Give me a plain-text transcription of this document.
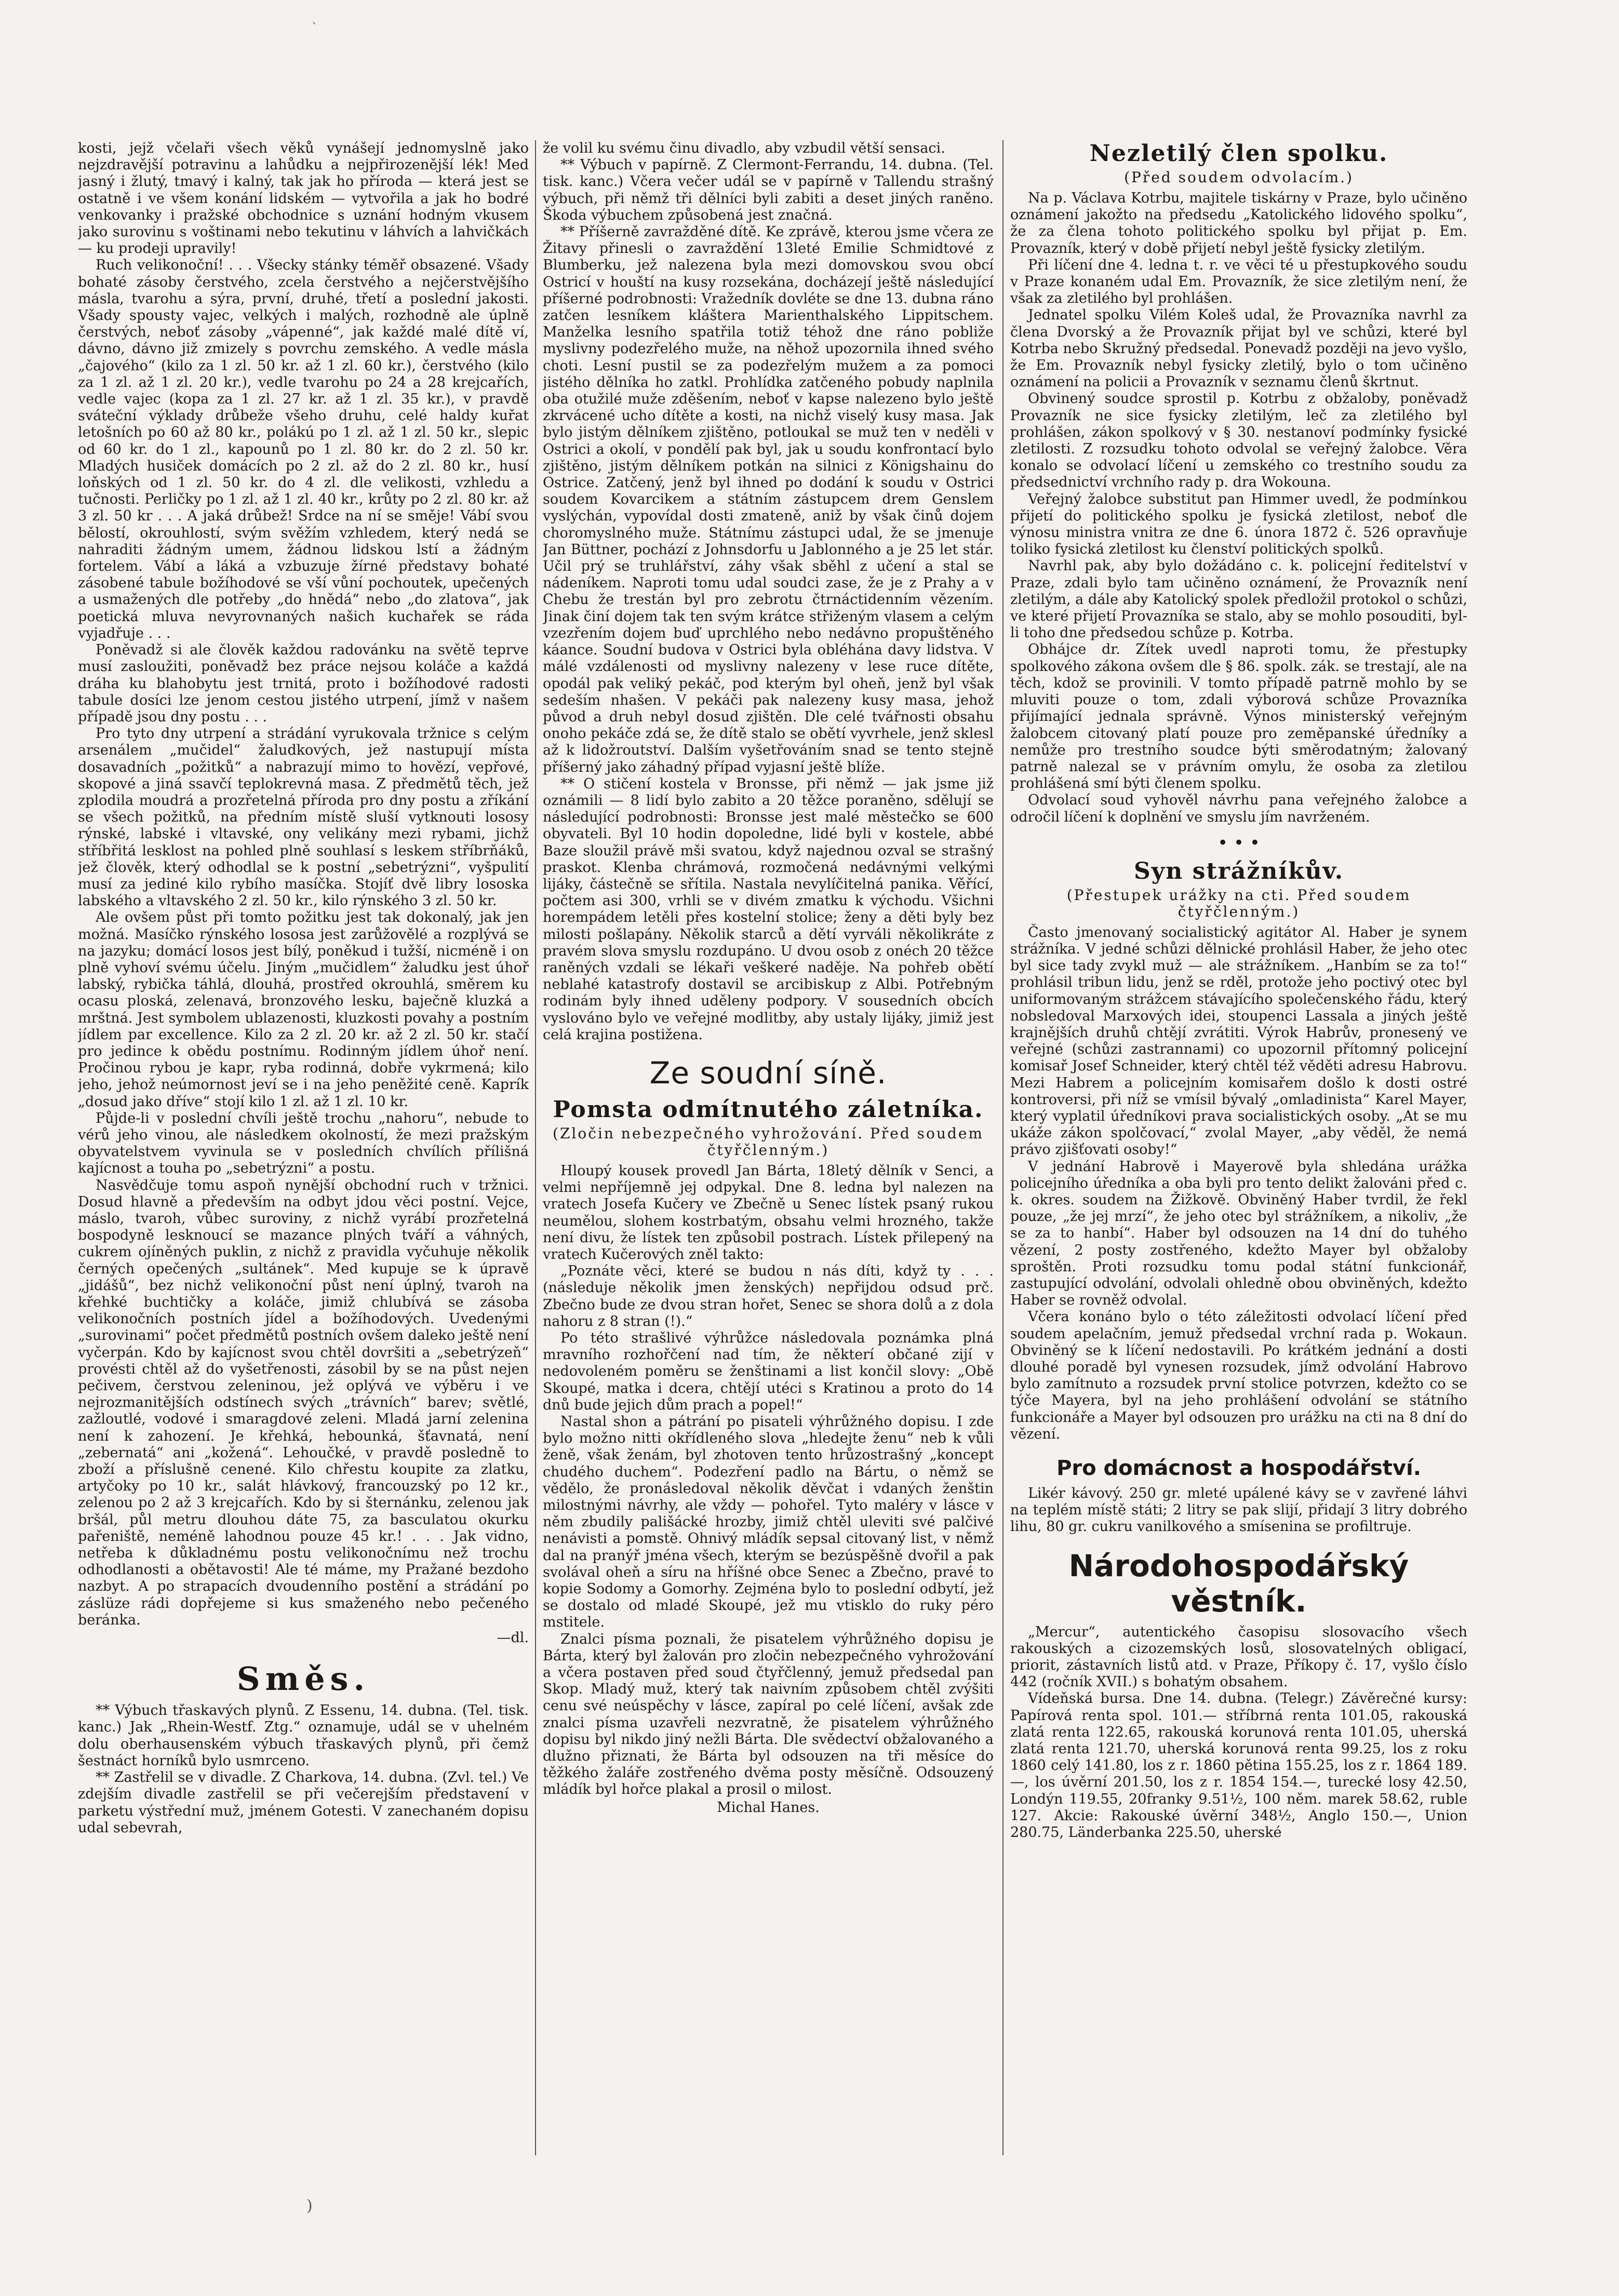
`

kosti, jejž včelaři všech věků vynášejí jednomyslně jako nejzdravější potravinu a lahůdku a nejpřirozenější lék! Med jasný i žlutý, tmavý i kalný, tak jak ho příroda — která jest se ostatně i ve všem konání lidském — vytvořila a jak ho bodré venkovanky i pražské obchodnice s uznání hodným vkusem jako surovinu s voštinami nebo tekutinu v láhvích a lahvičkách — ku prodeji upravily!

Ruch velikonoční! . . . Všecky stánky téměř obsazené. Všady bohaté zásoby čerstvého, zcela čerstvého a nejčerstvějšího másla, tvarohu a sýra, první, druhé, třetí a poslední jakosti. Všady spousty vajec, velkých i malých, rozhodně ale úplně čerstvých, neboť zásoby „vápenné“, jak každé malé dítě ví, dávno, dávno již zmizely s povrchu zemského. A vedle másla „čajového“ (kilo za 1 zl. 50 kr. až 1 zl. 60 kr.), čerstvého (kilo za 1 zl. až 1 zl. 20 kr.), vedle tvarohu po 24 a 28 krejcařích, vedle vajec (kopa za 1 zl. 27 kr. až 1 zl. 35 kr.), v pravdě sváteční výklady drůbeže všeho druhu, celé haldy kuřat letošních po 60 až 80 kr., polákú po 1 zl. až 1 zl. 50 kr., slepic od 60 kr. do 1 zl., kapounů po 1 zl. 80 kr. do 2 zl. 50 kr. Mladých husiček domácích po 2 zl. až do 2 zl. 80 kr., husí loňských od 1 zl. 50 kr. do 4 zl. dle velikosti, vzhledu a tučnosti. Perličky po 1 zl. až 1 zl. 40 kr., krůty po 2 zl. 80 kr. až 3 zl. 50 kr . . . A jaká drůbež! Srdce na ní se směje! Vábí svou bělostí, okrouhlostí, svým svěžím vzhledem, který nedá se nahraditi žádným umem, žádnou lidskou lstí a žádným fortelem. Vábí a láká a vzbuzuje žírné představy bohaté zásobené tabule božíhodové se vší vůní pochoutek, upečených a usmažených dle potřeby „do hnědá“ nebo „do zlatova“, jak poetická mluva nevyrovnaných našich kuchařek se ráda vyjadřuje . . .

Poněvadž si ale člověk každou radovánku na světě teprve musí zasloužiti, poněvadž bez práce nejsou koláče a každá dráha ku blahobytu jest trnitá, proto i božíhodové radosti tabule dosíci lze jenom cestou jistého utrpení, jímž v našem případě jsou dny postu . . .

Pro tyto dny utrpení a strádání vyrukovala tržnice s celým arsenálem „mučidel“ žaludkových, jež nastupují místa dosavadních „požitků“ a nabrazují mimo to hovězí, vepřové, skopové a jiná ssavčí teplokrevná masa. Z předmětů těch, jež zplodila moudrá a prozřetelná příroda pro dny postu a zříkání se všech požitků, na předním místě sluší vytknouti lososy rýnské, labské i vltavské, ony velikány mezi rybami, jichž stříbřitá lesklost na pohled plně souhlasí s leskem stříbrňáků, jež člověk, který odhodlal se k postní „sebetrýzni“, vyšpulití musí za jediné kilo rybího masíčka. Stojíť dvě libry lososka labského a vltavského 2 zl. 50 kr., kilo rýnského 3 zl. 50 kr.

Ale ovšem půst při tomto požitku jest tak dokonalý, jak jen možná. Masíčko rýnského lososa jest zarůžovělé a rozplývá se na jazyku; domácí losos jest bílý, poněkud i tužší, nicméně i on plně vyhoví svému účelu. Jiným „mučidlem“ žaludku jest úhoř labský, rybička táhlá, dlouhá, prostřed okrouhlá, směrem ku ocasu ploská, zelenavá, bronzového lesku, baječně kluzká a mrštná. Jest symbolem ublazenosti, kluzkosti povahy a postním jídlem par excellence. Kilo za 2 zl. 20 kr. až 2 zl. 50 kr. stačí pro jedince k obědu postnímu. Rodinným jídlem úhoř není. Pročinou rybou je kapr, ryba rodinná, dobře vykrmená; kilo jeho, jehož neúmornost jeví se i na jeho peněžité ceně. Kaprík „dosud jako dříve“ stojí kilo 1 zl. až 1 zl. 10 kr.

Půjde-li v poslední chvíli ještě trochu „nahoru“, nebude to vérů jeho vinou, ale následkem okolností, že mezi pražským obyvatelstvem vyvinula se v posledních chvílích přílišná kajícnost a touha po „sebetrýzni“ a postu.

Nasvědčuje tomu aspoň nynější obchodní ruch v tržnici. Dosud hlavně a především na odbyt jdou věci postní. Vejce, máslo, tvaroh, vůbec suroviny, z nichž vyrábí prozřetelná bospodyně lesknoucí se mazance plných tváří a váhných, cukrem ojíněných puklin, z nichž z pravidla vyčuhuje několik černých opečených „sultánek“. Med kupuje se k úpravě „jidášů“, bez nichž velikonoční půst není úplný, tvaroh na křehké buchtičky a koláče, jimiž chlubívá se zásoba velikonočních postních jídel a božíhodových. Uvedenými „surovinami“ počet předmětů postních ovšem daleko ještě není vyčerpán. Kdo by kajícnost svou chtěl dovršiti a „sebetrýzeň“ provésti chtěl až do vyšetřenosti, zásobil by se na půst nejen pečivem, čerstvou zeleninou, jež oplývá ve výběru i ve nejrozmanitějších odstínech svých „trávních“ barev; světlé, zažloutlé, vodové i smaragdové zeleni. Mladá jarní zelenina není k zahození. Je křehká, hebounká, šťavnatá, není „zebernatá“ ani „kožená“. Lehoučké, v pravdě posledně to zboží a příslušně cenené. Kilo chřestu koupite za zlatku, artyčoky po 10 kr., salát hlávkový, francouzský po 12 kr., zelenou po 2 až 3 krejcařích. Kdo by si šternánku, zelenou jak bršál, půl metru dlouhou dáte 75, za basculatou okurku pařeniště, neméně lahodnou pouze 45 kr.! . . . Jak vidno, netřeba k důkladnému postu velikonočnímu než trochu odhodlanosti a obětavosti! Ale té máme, my Pražané bezdoho nazbyt. A po strapacích dvoudenního postění a strádání po záslüze rádi dopřejeme si kus smaženého nebo pečeného beránka.

—dl.
Směs.

** Výbuch třaskavých plynů. Z Essenu, 14. dubna. (Tel. tisk. kanc.) Jak „Rhein-Westf. Ztg.“ oznamuje, udál se v uhelném dolu oberhausenském výbuch třaskavých plynů, při čemž šestnáct horníků bylo usmrceno.

** Zastřelil se v divadle. Z Charkova, 14. dubna. (Zvl. tel.) Ve zdejším divadle zastřelil se při večerejším představení v parketu výstřední muž, jménem Gotesti. V zanechaném dopisu udal sebevrah,

že volil ku svému činu divadlo, aby vzbudil větší sensaci.

** Výbuch v papírně. Z Clermont-Ferrandu, 14. dubna. (Tel. tisk. kanc.) Včera večer udál se v papírně v Tallendu strašný výbuch, při němž tři dělníci byli zabiti a deset jiných raněno. Škoda výbuchem způsobená jest značná.

** Příšerně zavražděné dítě. Ke zprávě, kterou jsme včera ze Žitavy přinesli o zavraždění 13leté Emilie Schmidtové z Blumberku, jež nalezena byla mezi domovskou svou obcí Ostricí v houští na kusy rozsekána, docházejí ještě následující příšerné podrobnosti: Vražedník dovléte se dne 13. dubna ráno zatčen lesníkem kláštera Marienthalského Lippitschem. Manželka lesního spatřila totiž téhož dne ráno pobliže myslivny podezřelého muže, na něhož upozornila ihned svého choti. Lesní pustil se za podezřelým mužem a za pomoci jistého dělníka ho zatkl. Prohlídka zatčeného pobudy naplnila oba otužilé muže zděšením, neboť v kapse nalezeno bylo ještě zkrvácené ucho dítěte a kosti, na nichž viselý kusy masa. Jak bylo jistým dělníkem zjištěno, potloukal se muž ten v neděli v Ostrici a okolí, v pondělí pak byl, jak u soudu konfrontací bylo zjištěno, jistým dělníkem potkán na silnici z Königshainu do Ostrice. Zatčený, jenž byl ihned po dodání k soudu v Ostrici soudem Kovarcikem a státním zástupcem drem Genslem vyslýchán, vypovídal dosti zmateně, aniž by však činů dojem choromyslného muže. Státnímu zástupci udal, že se jmenuje Jan Büttner, pochází z Johnsdorfu u Jablonného a je 25 let stár. Učil prý se truhlářství, záhy však sběhl z učení a stal se nádeníkem. Naproti tomu udal soudci zase, že je z Prahy a v Chebu že trestán byl pro zebrotu čtrnáctidenním vězením. Jinak činí dojem tak ten svým krátce střiženým vlasem a celým vzezřením dojem buď uprchlého nebo nedávno propuštěného káance. Soudní budova v Ostrici byla obléhána davy lidstva. V málé vzdálenosti od myslivny nalezeny v lese ruce dítěte, opodál pak veliký pekáč, pod kterým byl oheň, jenž byl však sedeším nhašen. V pekáči pak nalezeny kusy masa, jehož původ a druh nebyl dosud zjištěn. Dle celé tvářnosti obsahu onoho pekáče zdá se, že dítě stalo se obětí vyvrhele, jenž sklesl až k lidožroutství. Dalším vyšetřováním snad se tento stejně příšerný jako záhadný případ vyjasní ještě blíže.

** O stičení kostela v Bronsse, při němž — jak jsme již oznámili — 8 lidí bylo zabito a 20 těžce poraněno, sdělují se následující podrobnosti: Bronsse jest malé městečko se 600 obyvateli. Byl 10 hodin dopoledne, lidé byli v kostele, abbé Baze sloužil právě mši svatou, když najednou ozval se strašný praskot. Klenba chrámová, rozmočená nedávnými velkými lijáky, částečně se sřítila. Nastala nevylíčitelná panika. Věřící, počtem asi 300, vrhli se v divém zmatku k východu. Všichni horempádem letěli přes kostelní stolice; ženy a děti byly bez milosti pošlapány. Několik starců a dětí vyrváli několikráte z pravém slova smyslu rozdupáno. U dvou osob z onéch 20 těžce raněných vzdali se lékaři veškeré naděje. Na pohřeb obětí neblahé katastrofy dostavil se arcibiskup z Albi. Potřebným rodinám byly ihned uděleny podpory. V sousedních obcích vyslováno bylo ve veřejné modlitby, aby ustaly lijáky, jimiž jest celá krajina postižena.

Ze soudní síně.
Pomsta odmítnutého záletníka.
(Zločin nebezpečného vyhrožování. Před soudem čtyřčlenným.)

Hloupý kousek provedl Jan Bárta, 18letý dělník v Senci, a velmi nepříjemně jej odpykal. Dne 8. ledna byl nalezen na vratech Josefa Kučery ve Zbečně u Senec lístek psaný rukou neumělou, slohem kostrbatým, obsahu velmi hrozného, takže není divu, že lístek ten způsobil postrach. Lístek přilepený na vratech Kučerových zněl takto:

„Poznáte věci, které se budou n nás díti, když ty . . . (následuje několik jmen ženských) nepřijdou odsud prč. Zbečno bude ze dvou stran hořet, Senec se shora dolů a z dola nahoru z 8 stran (!).“

Po této strašlivé výhrůžce následovala poznámka plná mravního rozhořčení nad tím, že některí občané zijí v nedovoleném poměru se ženštinami a list končil slovy: „Obě Skoupé, matka i dcera, chtějí utéci s Kratinou a proto do 14 dnů bude jejich dům prach a popel!“

Nastal shon a pátrání po pisateli výhrůžného dopisu. I zde bylo možno nitti okřídleného slova „hledejte ženu“ neb k vůli ženě, však ženám, byl zhotoven tento hrůzostrašný „koncept chudého duchem“. Podezření padlo na Bártu, o němž se vědělo, že pronásledoval několik děvčat i vdaných ženštin milostnými návrhy, ale vždy — pohořel. Tyto maléry v lásce v něm zbudily pališácké hrozby, jimiž chtěl uleviti své palčivé nenávisti a pomstě. Ohnivý mládík sepsal citovaný list, v němž dal na pranýř jména všech, kterým se bezúspěšně dvořil a pak svolával oheň a síru na hříšné obce Senec a Zbečno, pravé to kopie Sodomy a Gomorhy. Zejména bylo to poslední odbytí, jež se dostalo od mladé Skoupé, jež mu vtisklo do ruky péro mstitele.

Znalci písma poznali, že pisatelem výhrůžného dopisu je Bárta, který byl žalován pro zločin nebezpečného vyhrožování a včera postaven před soud čtyřčlenný, jemuž předsedal pan Skop. Mladý muž, který tak naivním způsobem chtěl zvýšiti cenu své neúspěchy v lásce, zapíral po celé líčení, avšak zde znalci písma uzavřeli nezvratně, že pisatelem výhrůžného dopisu byl nikdo jiný nežli Bárta. Dle svědectví obžalovaného a dlužno přiznati, že Bárta byl odsouzen na tři měsíce do těžkého žaláře zostřeného dvěma posty měsíčně. Odsouzený mládík byl hořce plakal a prosil o milost.

Michal Hanes.
Nezletilý člen spolku.
(Před soudem odvolacím.)

Na p. Václava Kotrbu, majitele tiskárny v Praze, bylo učiněno oznámení jakožto na předsedu „Katolického lidového spolku“, že za člena tohoto politického spolku byl přijat p. Em. Provazník, který v době přijetí nebyl ještě fysicky zletilým.

Při líčení dne 4. ledna t. r. ve věci té u přestupkového soudu v Praze konaném udal Em. Provazník, že sice zletilým není, že však za zletilého byl prohlášen.

Jednatel spolku Vilém Koleš udal, že Provazníka navrhl za člena Dvorský a že Provazník přijat byl ve schůzi, které byl Kotrba nebo Skružný předsedal. Ponevadž později na jevo vyšlo, že Em. Provazník nebyl fysicky zletilý, bylo o tom učiněno oznámení na policii a Provazník v seznamu členů škrtnut.

Obvinený soudce sprostil p. Kotrbu z obžaloby, poněvadž Provazník ne sice fysicky zletilým, leč za zletilého byl prohlášen, zákon spolkový v § 30. nestanoví podmínky fysické zletilosti. Z rozsudku tohoto odvolal se veřejný žalobce. Věra konalo se odvolací líčení u zemského co trestního soudu za předsednictví vrchního rady p. dra Wokouna.

Veřejný žalobce substitut pan Himmer uvedl, že podmínkou přijetí do politického spolku je fysická zletilost, neboť dle výnosu ministra vnitra ze dne 6. února 1872 č. 526 opravňuje toliko fysická zletilost ku členství politických spolků.

Navrhl pak, aby bylo dožádáno c. k. policejní ředitelství v Praze, zdali bylo tam učiněno oznámení, že Provazník není zletilým, a dále aby Katolický spolek předložil protokol o schůzi, ve které přijetí Provazníka se stalo, aby se mohlo posouditi, byl-li toho dne předsedou schůze p. Kotrba.

Obhájce dr. Zítek uvedl naproti tomu, že přestupky spolkového zákona ovšem dle § 86. spolk. zák. se trestají, ale na těch, kdož se provinili. V tomto případě patrně mohlo by se mluviti pouze o tom, zdali výborová schůze Provazníka přijímající jednala správně. Výnos ministerský veřejným žalobcem citovaný platí pouze pro zeměpanské úředníky a nemůže pro trestního soudce býti směrodatným; žalovaný patrně nalezal se v právním omylu, že osoba za zletilou prohlášená smí býti členem spolku.

Odvolací soud vyhověl návrhu pana veřejného žalobce a odročil líčení k doplnění ve smyslu jím navrženém.

• • •
Syn strážníkův.
(Přestupek urážky na cti. Před soudem čtyřčlenným.)

Často jmenovaný socialistický agitátor Al. Haber je synem strážníka. V jedné schůzi dělnické prohlásil Haber, že jeho otec byl sice tady zvykl muž — ale strážníkem. „Hanbím se za to!“ prohlásil tribun lidu, jenž se rděl, protože jeho poctivý otec byl uniformovaným strážcem stávajícího společenského řádu, který nobsledoval Marxových idei, stoupenci Lassala a jiných ještě krajnějších druhů chtějí zvrátiti. Výrok Habrův, pronesený ve veřejné (schůzi zastrannami) co upozornil přítomný policejní komisař Josef Schneider, který chtěl též věděti adresu Habrovu. Mezi Habrem a policejním komisařem došlo k dosti ostré kontroversi, při níž se vmísil bývalý „omladinista“ Karel Mayer, který vyplatil úředníkovi prava socialistických osoby. „At se mu ukáže zákon spolčovací,“ zvolal Mayer, „aby věděl, že nemá právo zjišťovati osoby!“

V jednání Habrově i Mayerově byla shledána urážka policejního úředníka a oba byli pro tento delikt žalováni před c. k. okres. soudem na Žižkově. Obviněný Haber tvrdil, že řekl pouze, „že jej mrzí“, že jeho otec byl strážníkem, a nikoliv, „že se za to hanbí“. Haber byl odsouzen na 14 dní do tuhého vězení, 2 posty zostřeného, kdežto Mayer byl obžaloby sproštěn. Proti rozsudku tomu podal státní funkcionář, zastupující odvolání, odvolali ohledně obou obviněných, kdežto Haber se rovněž odvolal.

Včera konáno bylo o této záležitosti odvolací líčení před soudem apelačním, jemuž předsedal vrchní rada p. Wokaun. Obviněný se k líčení nedostavili. Po krátkém jednání a dosti dlouhé poradě byl vynesen rozsudek, jímž odvolání Habrovo bylo zamítnuto a rozsudek první stolice potvrzen, kdežto co se týče Mayera, byl na jeho prohlášení odvolání se státního funkcionáře a Mayer byl odsouzen pro urážku na cti na 8 dní do vězení.

Pro domácnost a hospodářství.

Likér kávový. 250 gr. mleté upálené kávy se v zavřené láhvi na teplém místě státi; 2 litry se pak slijí, přidají 3 litry dobrého lihu, 80 gr. cukru vanilkového a smísenina se profiltruje.

Národohospodářský věstník.

„Mercur“, autentického časopisu slosovacího všech rakouských a cizozemských losů, slosovatelných obligací, priorit, zástavních listů atd. v Praze, Příkopy č. 17, vyšlo číslo 442 (ročník XVII.) s bohatým obsahem.

Vídeňská bursa. Dne 14. dubna. (Telegr.) Závěrečné kursy: Papírová renta spol. 101.— stříbrná renta 101.05, rakouská zlatá renta 122.65, rakouská korunová renta 101.05, uherská zlatá renta 121.70, uherská korunová renta 99.25, los z roku 1860 celý 141.80, los z r. 1860 pětina 155.25, los z r. 1864 189.—, los úvěrní 201.50, los z r. 1854 154.—, turecké losy 42.50, Londýn 119.55, 20franky 9.51½, 100 něm. marek 58.62, ruble 127. Akcie: Rakouské úvěrní 348½, Anglo 150.—, Union 280.75, Länderbanka 225.50, uherské

)
